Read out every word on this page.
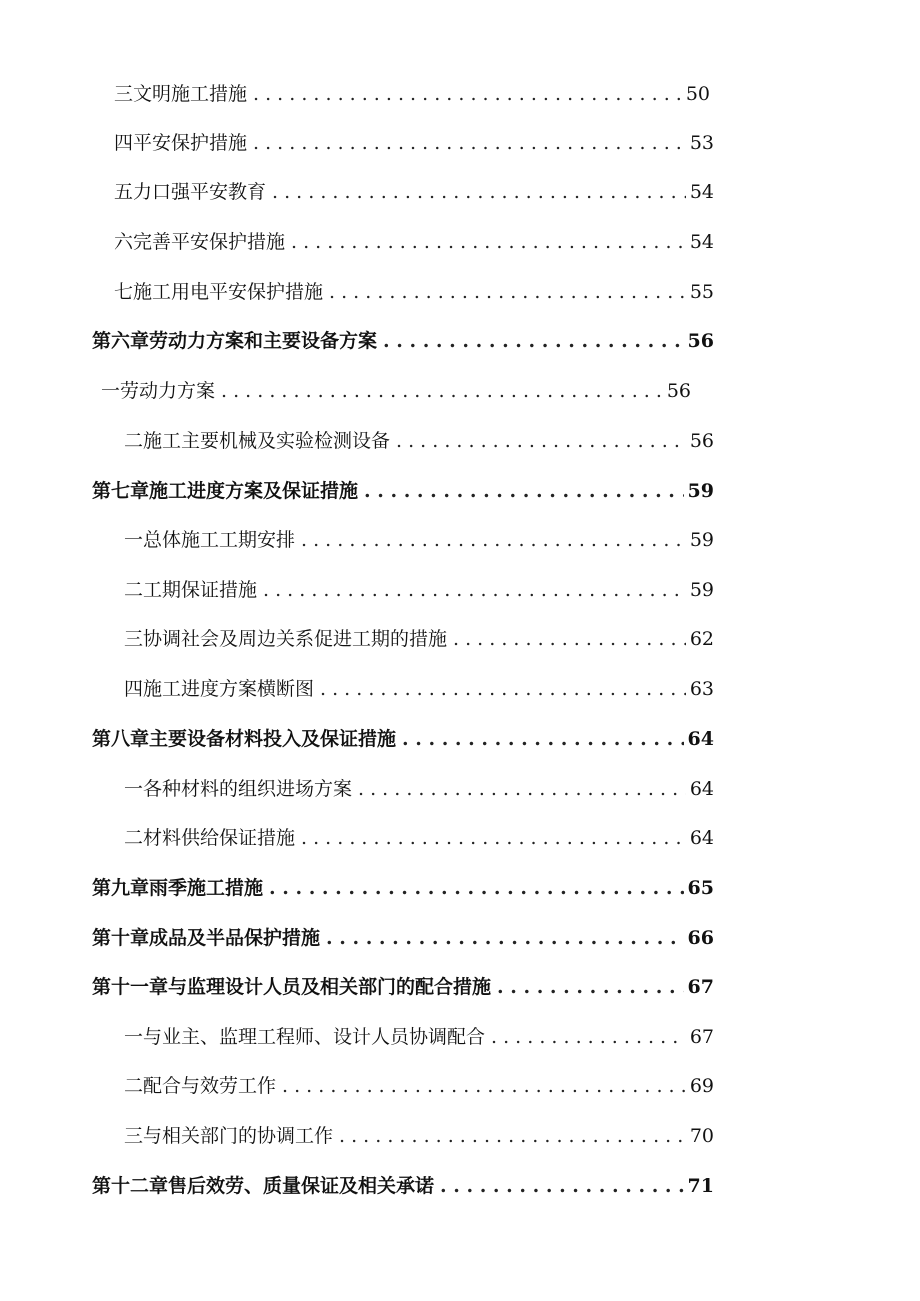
三文明施工措施 . . .	50
四平安保护措施 . . .	53
五力口强平安教育 . . .	54
六完善平安保护措施 . . .	54
七施工用电平安保护措施 . . .	55
第六章劳动力方案和主要设备方案 . . .	56
一劳动力方案 . . .	56
二施工主要机械及实验检测设备 . . .	56
第七章施工进度方案及保证措施 . . .	59
一总体施工工期安排 . . .	59
二工期保证措施 . . .	59
三协调社会及周边关系促进工期的措施 . . .	62
四施工进度方案横断图 . . .	63
第八章主要设备材料投入及保证措施 . . .	64
一各种材料的组织进场方案 . . .	64
二材料供给保证措施 . . .	64
第九章雨季施工措施 . . .	65
第十章成品及半品保护措施 . . .	66
第十一章与监理设计人员及相关部门的配合措施 . . .	67
一与业主、监理工程师、设计人员协调配合 . . .	67
二配合与效劳工作 . . .	69
三与相关部门的协调工作 . . .	70
第十二章售后效劳、质量保证及相关承诺 . . .	71
